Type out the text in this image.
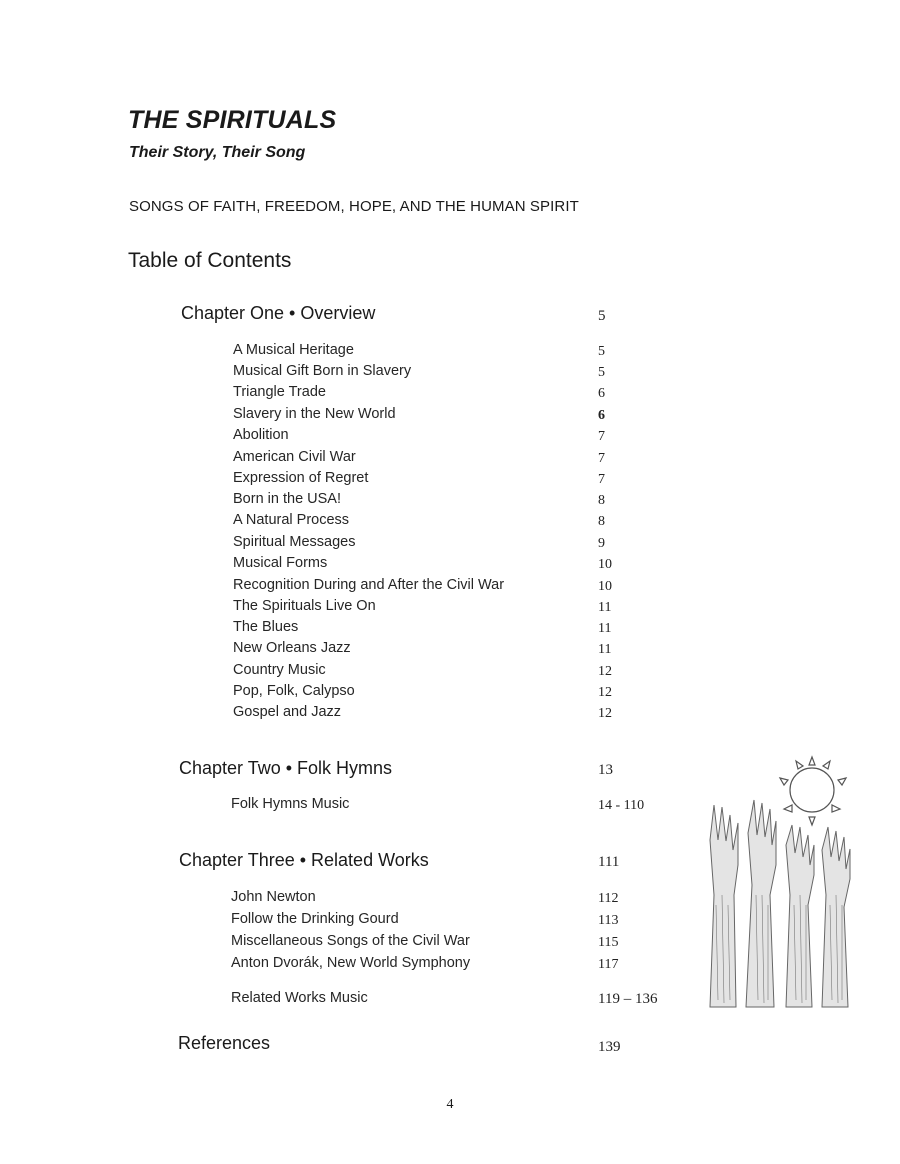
THE SPIRITUALS
Their Story, Their Song
SONGS OF FAITH, FREEDOM, HOPE, AND THE HUMAN SPIRIT
Table of Contents
Chapter One • Overview	5
A Musical Heritage	5
Musical Gift Born in Slavery	5
Triangle Trade	6
Slavery in the New World	6
Abolition	7
American Civil War	7
Expression of Regret	7
Born in the USA!	8
A Natural Process	8
Spiritual Messages	9
Musical Forms	10
Recognition During and After the Civil War	10
The Spirituals Live On	11
The Blues	11
New Orleans Jazz	11
Country Music	12
Pop, Folk, Calypso	12
Gospel and Jazz	12
Chapter Two • Folk Hymns	13
Folk Hymns Music	14 - 110
Chapter Three • Related Works	111
John Newton	112
Follow the Drinking Gourd	113
Miscellaneous Songs of the Civil War	115
Anton Dvorák, New World Symphony	117
Related Works Music	119 – 136
References	139
4
